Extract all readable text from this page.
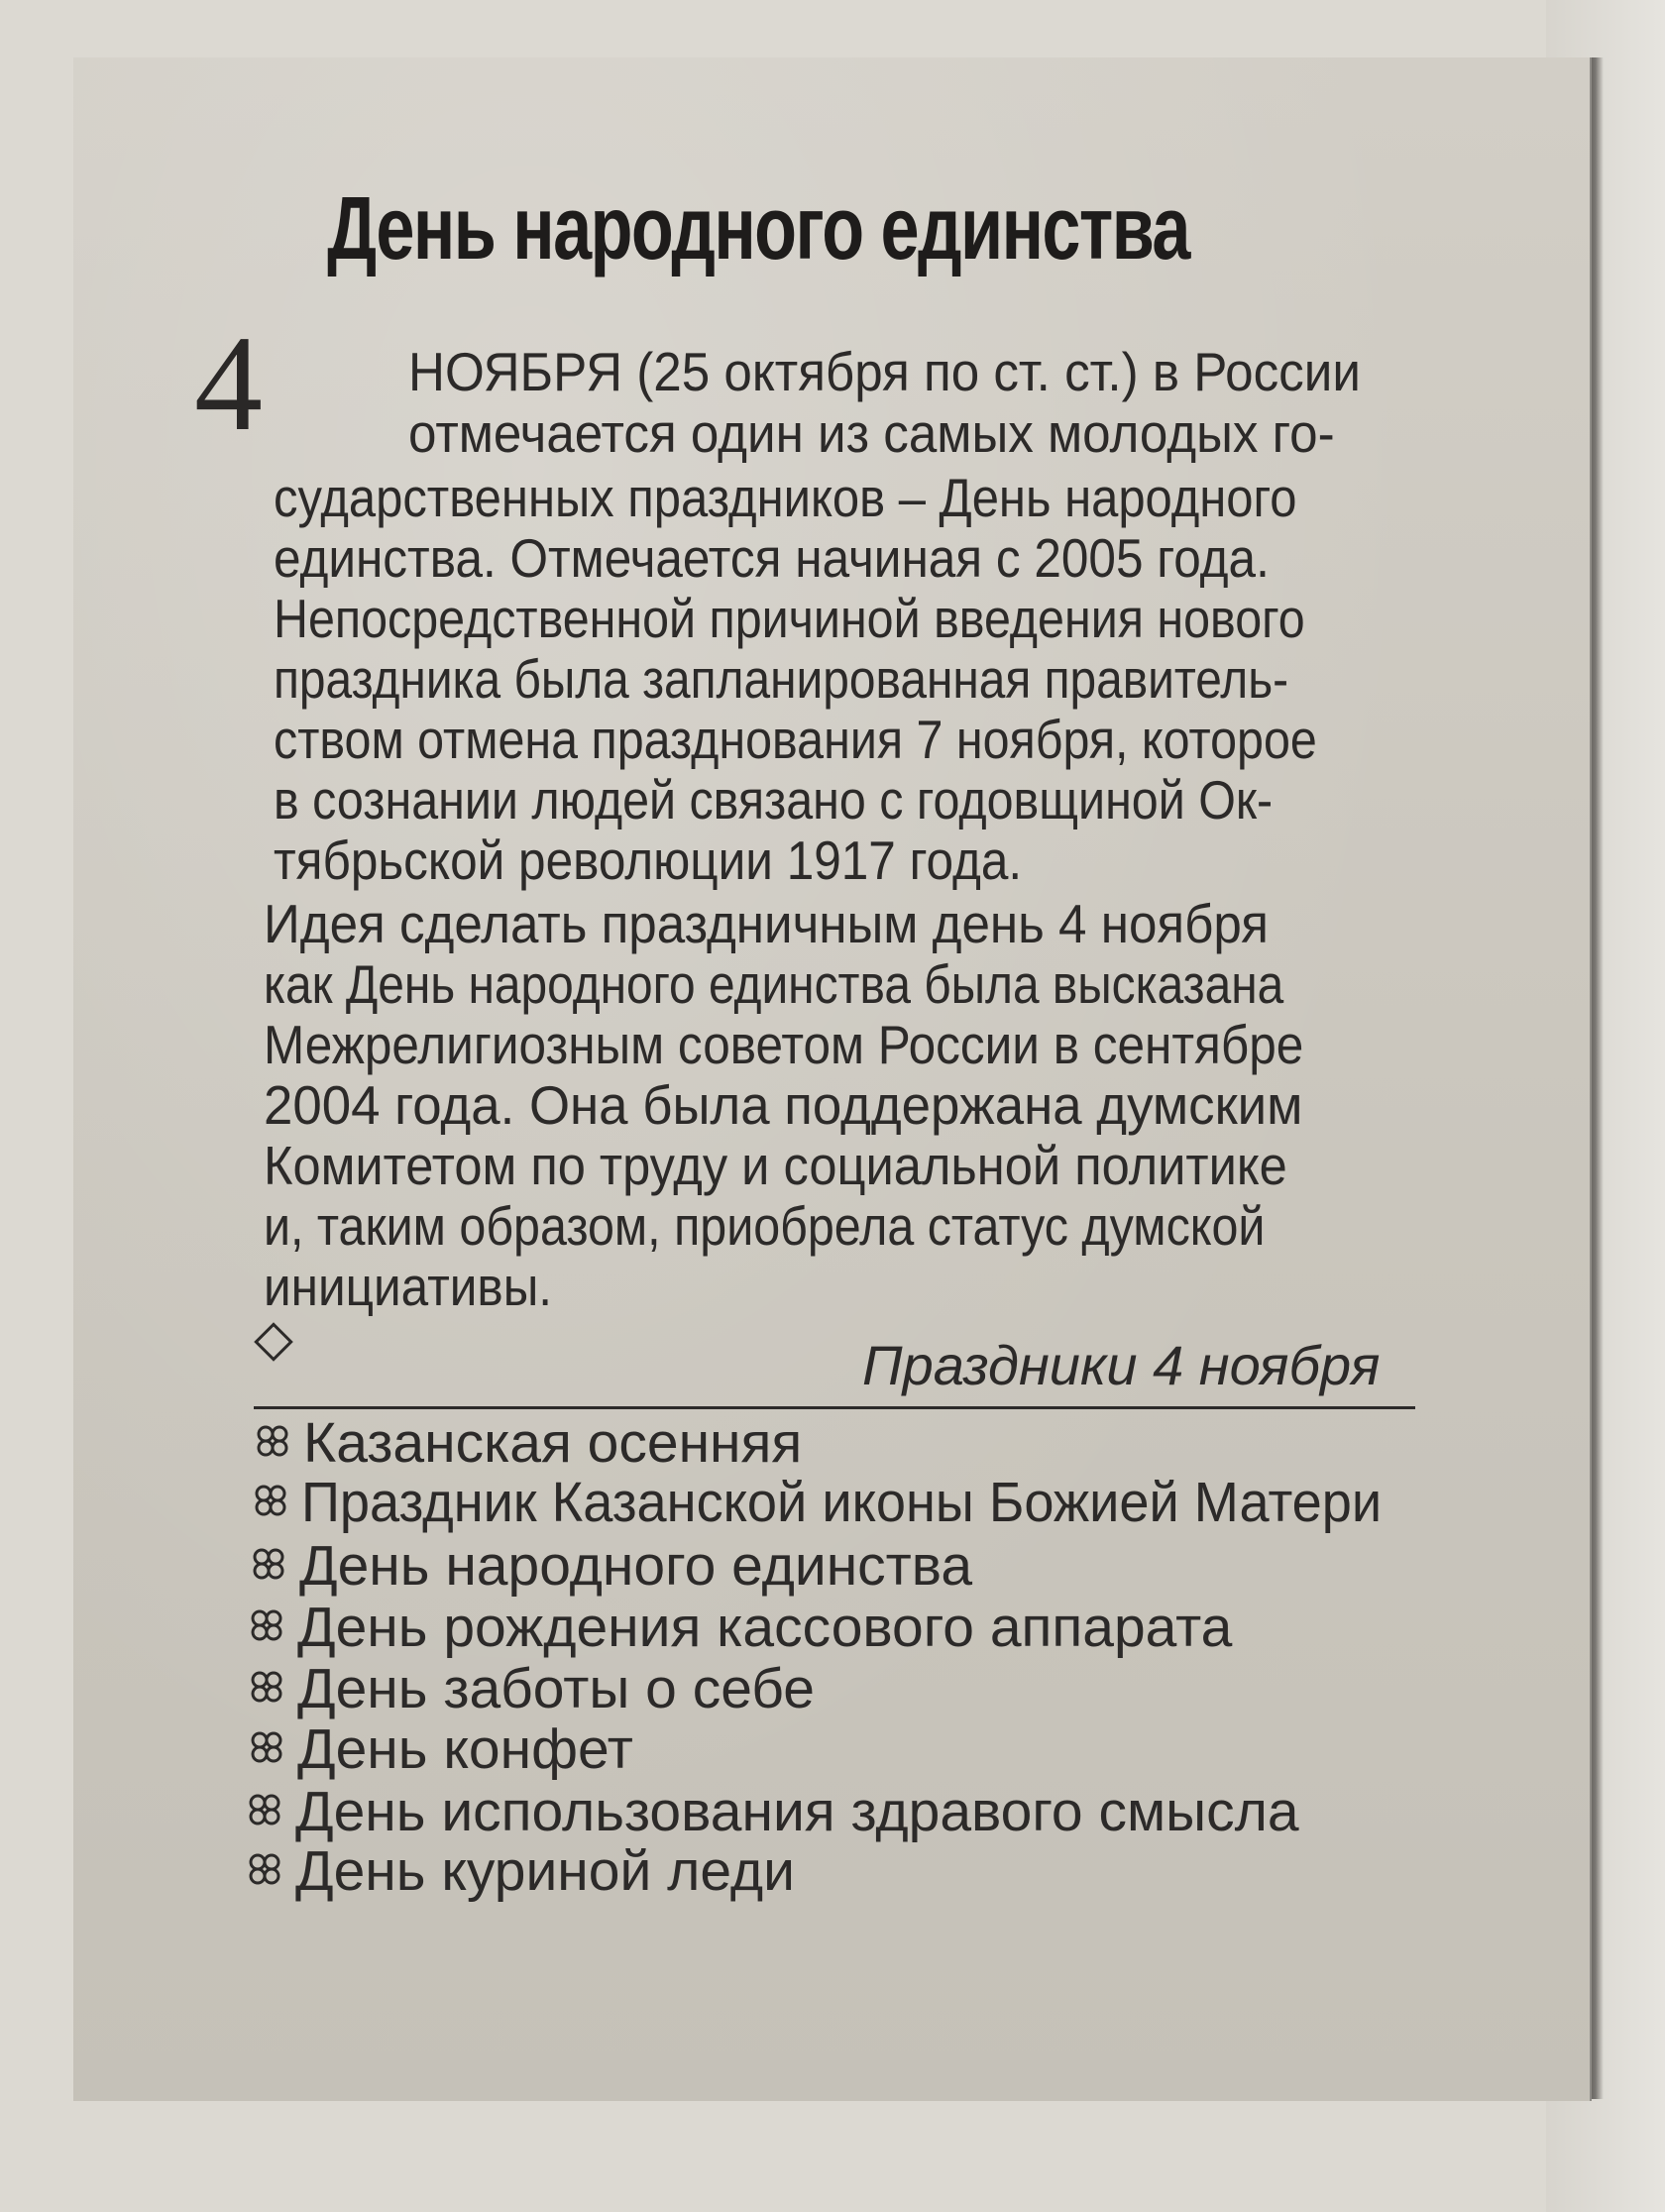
День народного единства
4	НОЯБРЯ (25 октября по ст. ст.) в России
отмечается один из самых молодых го-
сударственных праздников – День народного
единства. Отмечается начиная с 2005 года.
Непосредственной причиной введения нового
праздника была запланированная правитель-
ством отмена празднования 7 ноября, которое
в сознании людей связано с годовщиной Ок-
тябрьской революции 1917 года.
Идея сделать праздничным день 4 ноября
как День народного единства была высказана
Межрелигиозным советом России в сентябре
2004 года. Она была поддержана думским
Комитетом по труду и социальной политике
и, таким образом, приобрела статус думской
инициативы.
Праздники 4 ноября
Казанская осенняя
Праздник Казанской иконы Божией Матери
День народного единства
День рождения кассового аппарата
День заботы о себе
День конфет
День использования здравого смысла
День куриной леди
